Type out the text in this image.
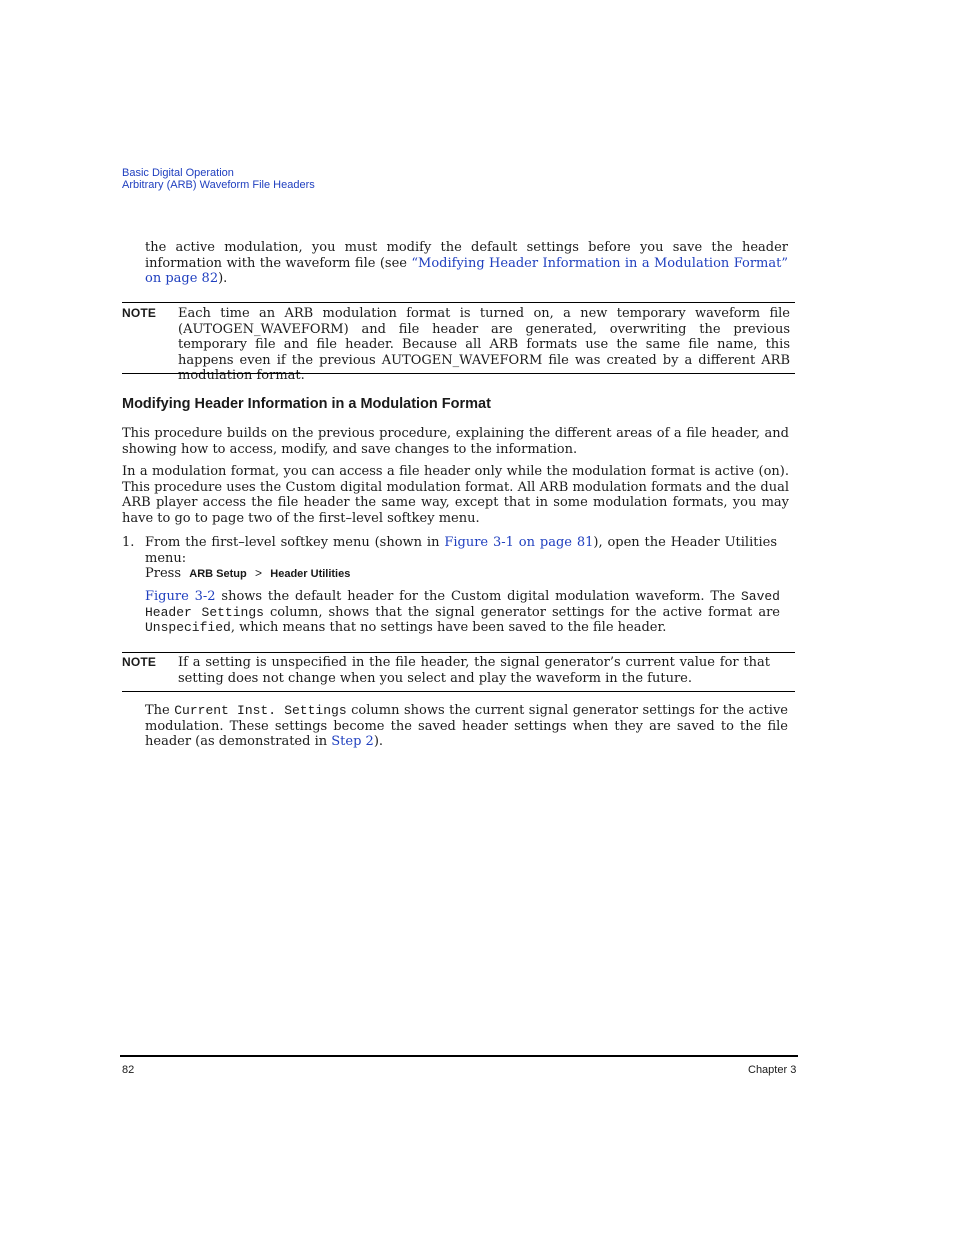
Basic Digital Operation
Arbitrary (ARB) Waveform File Headers
the active modulation, you must modify the default settings before you save the header information with the waveform file (see “Modifying Header Information in a Modulation Format” on page 82).
NOTE Each time an ARB modulation format is turned on, a new temporary waveform file (AUTOGEN_WAVEFORM) and file header are generated, overwriting the previous temporary file and file header. Because all ARB formats use the same file name, this happens even if the previous AUTOGEN_WAVEFORM file was created by a different ARB modulation format.
Modifying Header Information in a Modulation Format
This procedure builds on the previous procedure, explaining the different areas of a file header, and showing how to access, modify, and save changes to the information.
In a modulation format, you can access a file header only while the modulation format is active (on). This procedure uses the Custom digital modulation format. All ARB modulation formats and the dual ARB player access the file header the same way, except that in some modulation formats, you may have to go to page two of the first–level softkey menu.
1. From the first–level softkey menu (shown in Figure 3-1 on page 81), open the Header Utilities menu:
Press ARB Setup > Header Utilities
Figure 3-2 shows the default header for the Custom digital modulation waveform. The Saved Header Settings column, shows that the signal generator settings for the active format are Unspecified, which means that no settings have been saved to the file header.
NOTE If a setting is unspecified in the file header, the signal generator’s current value for that setting does not change when you select and play the waveform in the future.
The Current Inst. Settings column shows the current signal generator settings for the active modulation. These settings become the saved header settings when they are saved to the file header (as demonstrated in Step 2).
82	Chapter 3
